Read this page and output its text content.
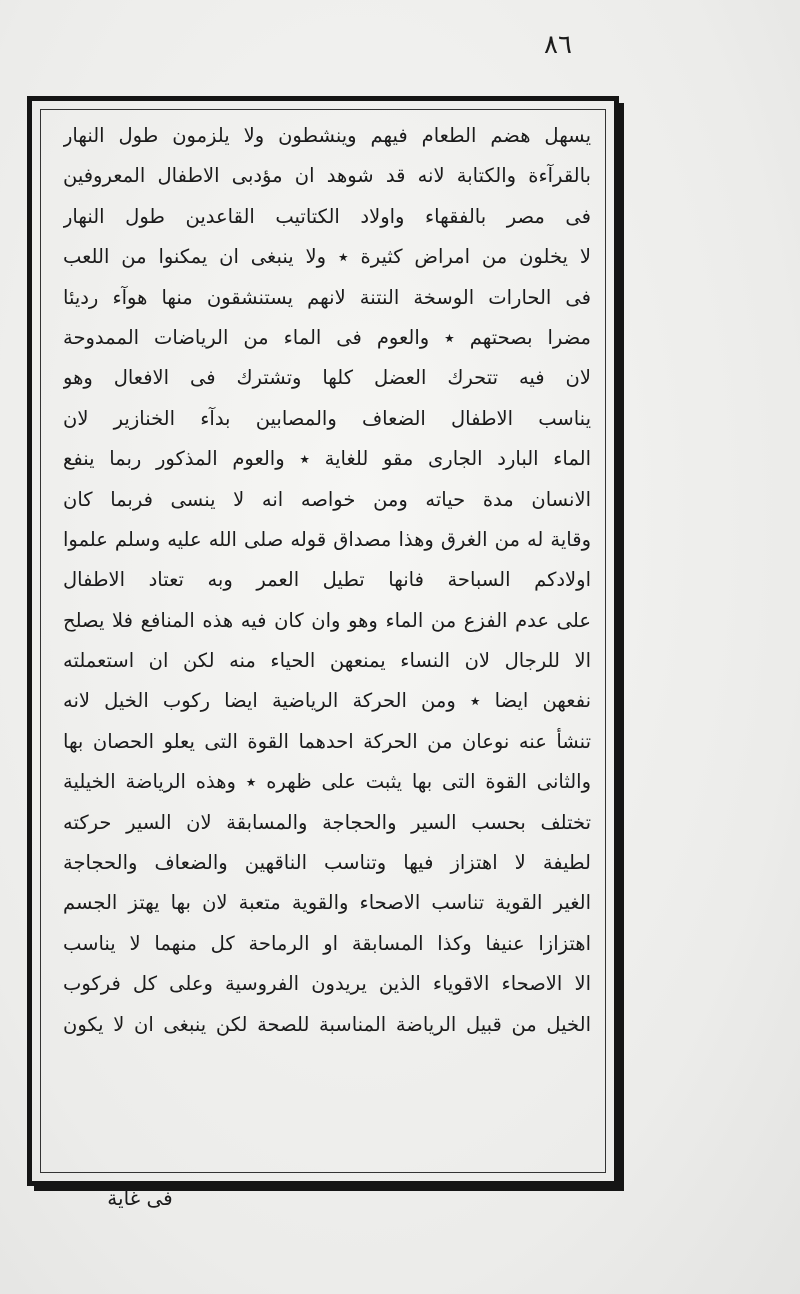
٨٦
يسهل هضم الطعام فيهم وينشطون ولا يلزمون طول النهار
بالقرآءة والكتابة لانه قد شوهد ان مؤدبى الاطفال المعروفين
فى مصر بالفقهاء واولاد الكتاتيب القاعدين طول النهار
لا يخلون من امراض كثيرة ٭ ولا ينبغى ان يمكنوا من اللعب
فى الحارات الوسخة النتنة لانهم يستنشقون منها هوآء رديئا
مضرا بصحتهم ٭ والعوم فى الماء من الرياضات الممدوحة
لان فيه تتحرك العضل كلها وتشترك فى الافعال وهو
يناسب الاطفال الضعاف والمصابين بدآء الخنازير لان
الماء البارد الجارى مقو للغاية ٭ والعوم المذكور ربما ينفع
الانسان مدة حياته ومن خواصه انه لا ينسى فربما كان
وقاية له من الغرق وهذا مصداق قوله صلى الله عليه وسلم علموا
اولادكم السباحة فانها تطيل العمر وبه تعتاد الاطفال
على عدم الفزع من الماء وهو وان كان فيه هذه المنافع فلا يصلح
الا للرجال لان النساء يمنعهن الحياء منه لكن ان استعملته
نفعهن ايضا ٭ ومن الحركة الرياضية ايضا ركوب الخيل لانه
تنشأ عنه نوعان من الحركة احدهما القوة التى يعلو الحصان بها
والثانى القوة التى بها يثبت على ظهره ٭ وهذه الرياضة الخيلية
تختلف بحسب السير والحجاجة والمسابقة لان السير حركته
لطيفة لا اهتزاز فيها وتناسب الناقهين والضعاف والحجاجة
الغير القوية تناسب الاصحاء والقوية متعبة لان بها يهتز الجسم
اهتزازا عنيفا وكذا المسابقة او الرماحة كل منهما لا يناسب
الا الاصحاء الاقوياء الذين يريدون الفروسية وعلى كل فركوب
الخيل من قبيل الرياضة المناسبة للصحة لكن ينبغى ان لا يكون
فى غاية
